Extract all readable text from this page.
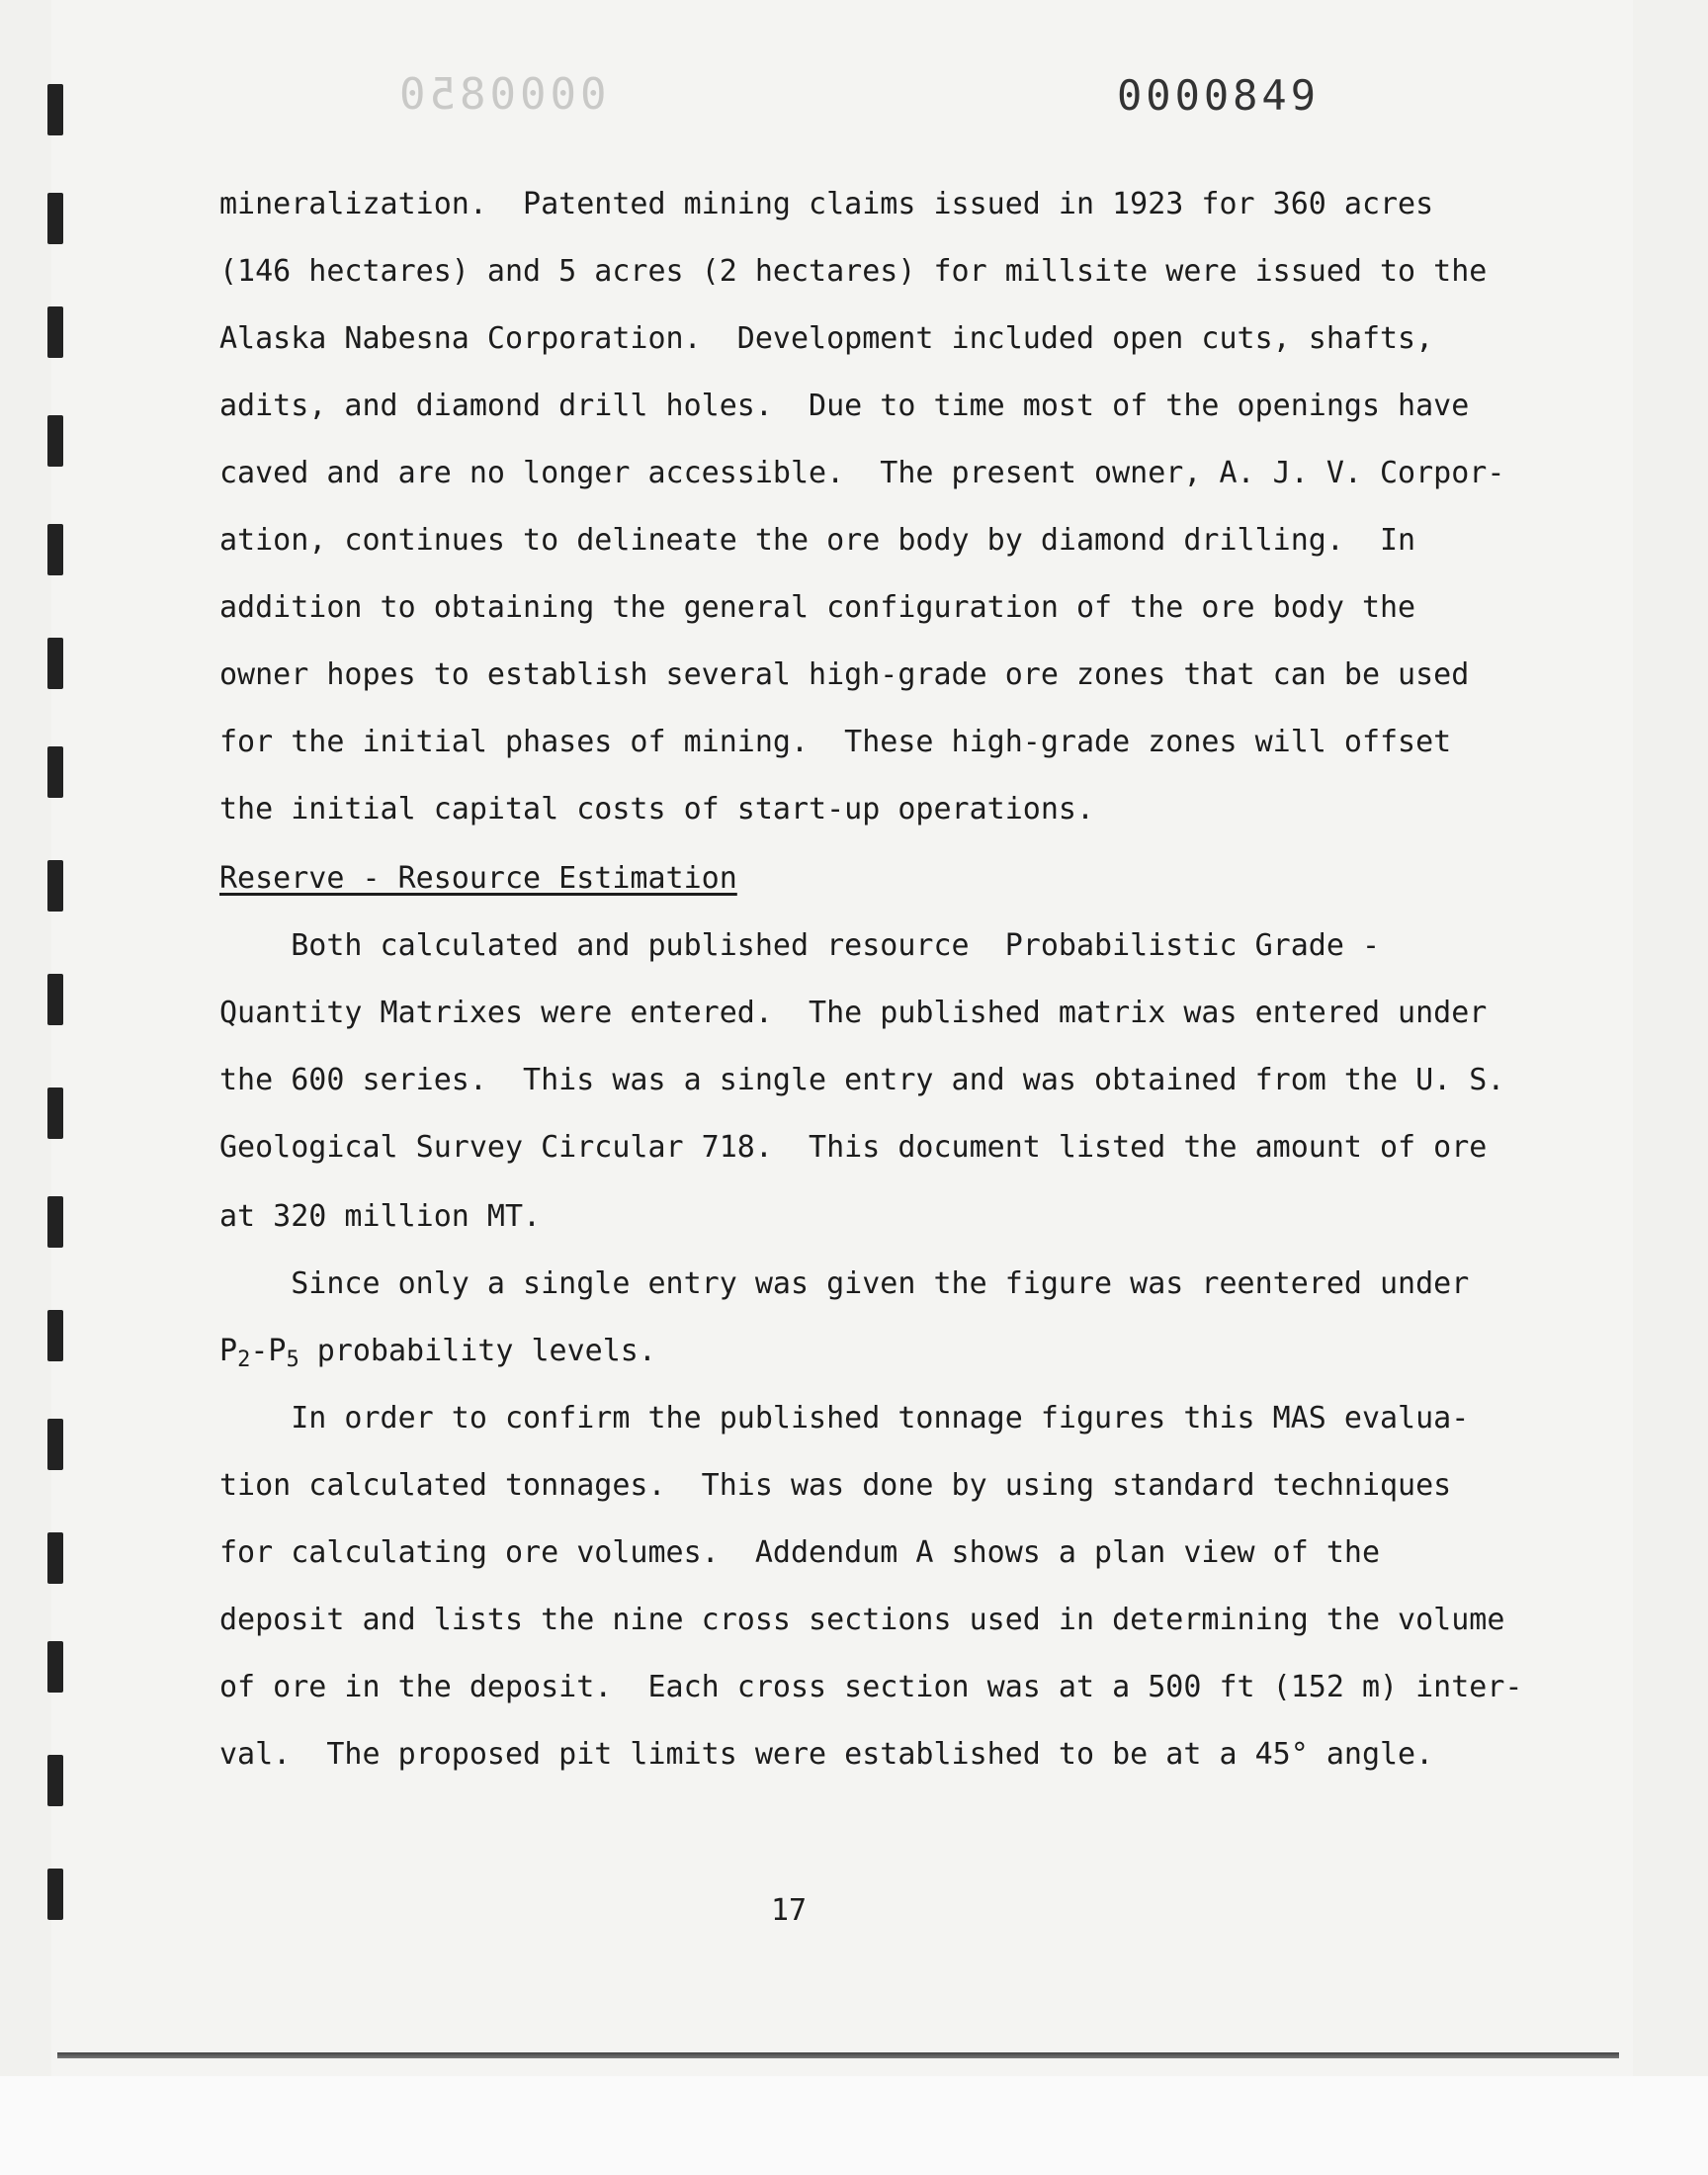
0000850	0000849
mineralization.  Patented mining claims issued in 1923 for 360 acres
(146 hectares) and 5 acres (2 hectares) for millsite were issued to the
Alaska Nabesna Corporation.  Development included open cuts, shafts,
adits, and diamond drill holes.  Due to time most of the openings have
caved and are no longer accessible.  The present owner, A. J. V. Corpor-
ation, continues to delineate the ore body by diamond drilling.  In
addition to obtaining the general configuration of the ore body the
owner hopes to establish several high-grade ore zones that can be used
for the initial phases of mining.  These high-grade zones will offset
the initial capital costs of start-up operations.
Reserve - Resource Estimation
Both calculated and published resource  Probabilistic Grade -
Quantity Matrixes were entered.  The published matrix was entered under
the 600 series.  This was a single entry and was obtained from the U. S.
Geological Survey Circular 718.  This document listed the amount of ore
at 320 million MT.
Since only a single entry was given the figure was reentered under
$P_2-P_5$ probability levels.
In order to confirm the published tonnage figures this MAS evalua-
tion calculated tonnages.  This was done by using standard techniques
for calculating ore volumes.  Addendum A shows a plan view of the
deposit and lists the nine cross sections used in determining the volume
of ore in the deposit.  Each cross section was at a 500 ft (152 m) inter-
val.  The proposed pit limits were established to be at a 45° angle.
17
